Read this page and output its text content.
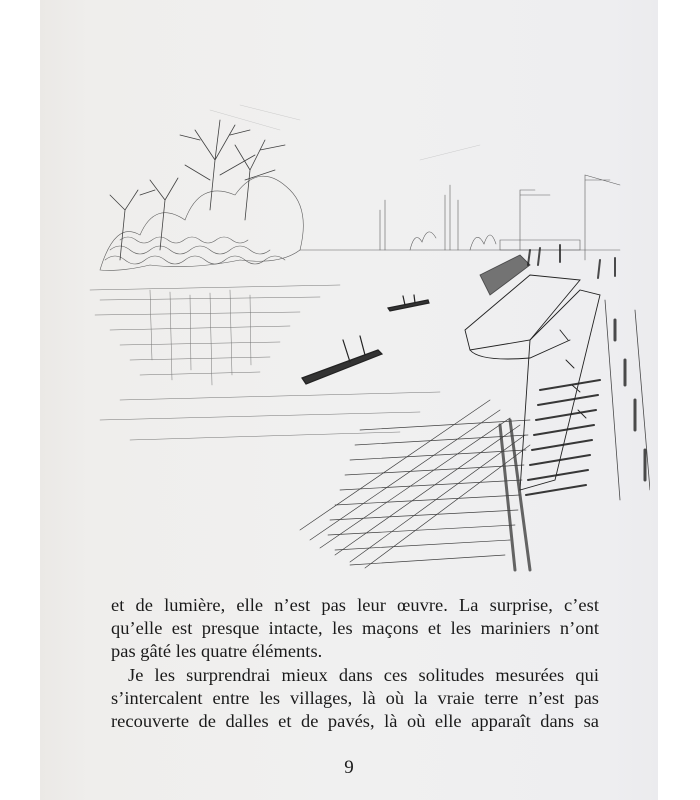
et de lumière, elle n’est pas leur œuvre. La surprise, c’est
qu’elle est presque intacte, les maçons et les mariniers n’ont
pas gâté les quatre éléments.
Je les surprendrai mieux dans ces solitudes mesurées qui
s’intercalent entre les villages, là où la vraie terre n’est pas
recouverte de dalles et de pavés, là où elle apparaît dans sa
9
